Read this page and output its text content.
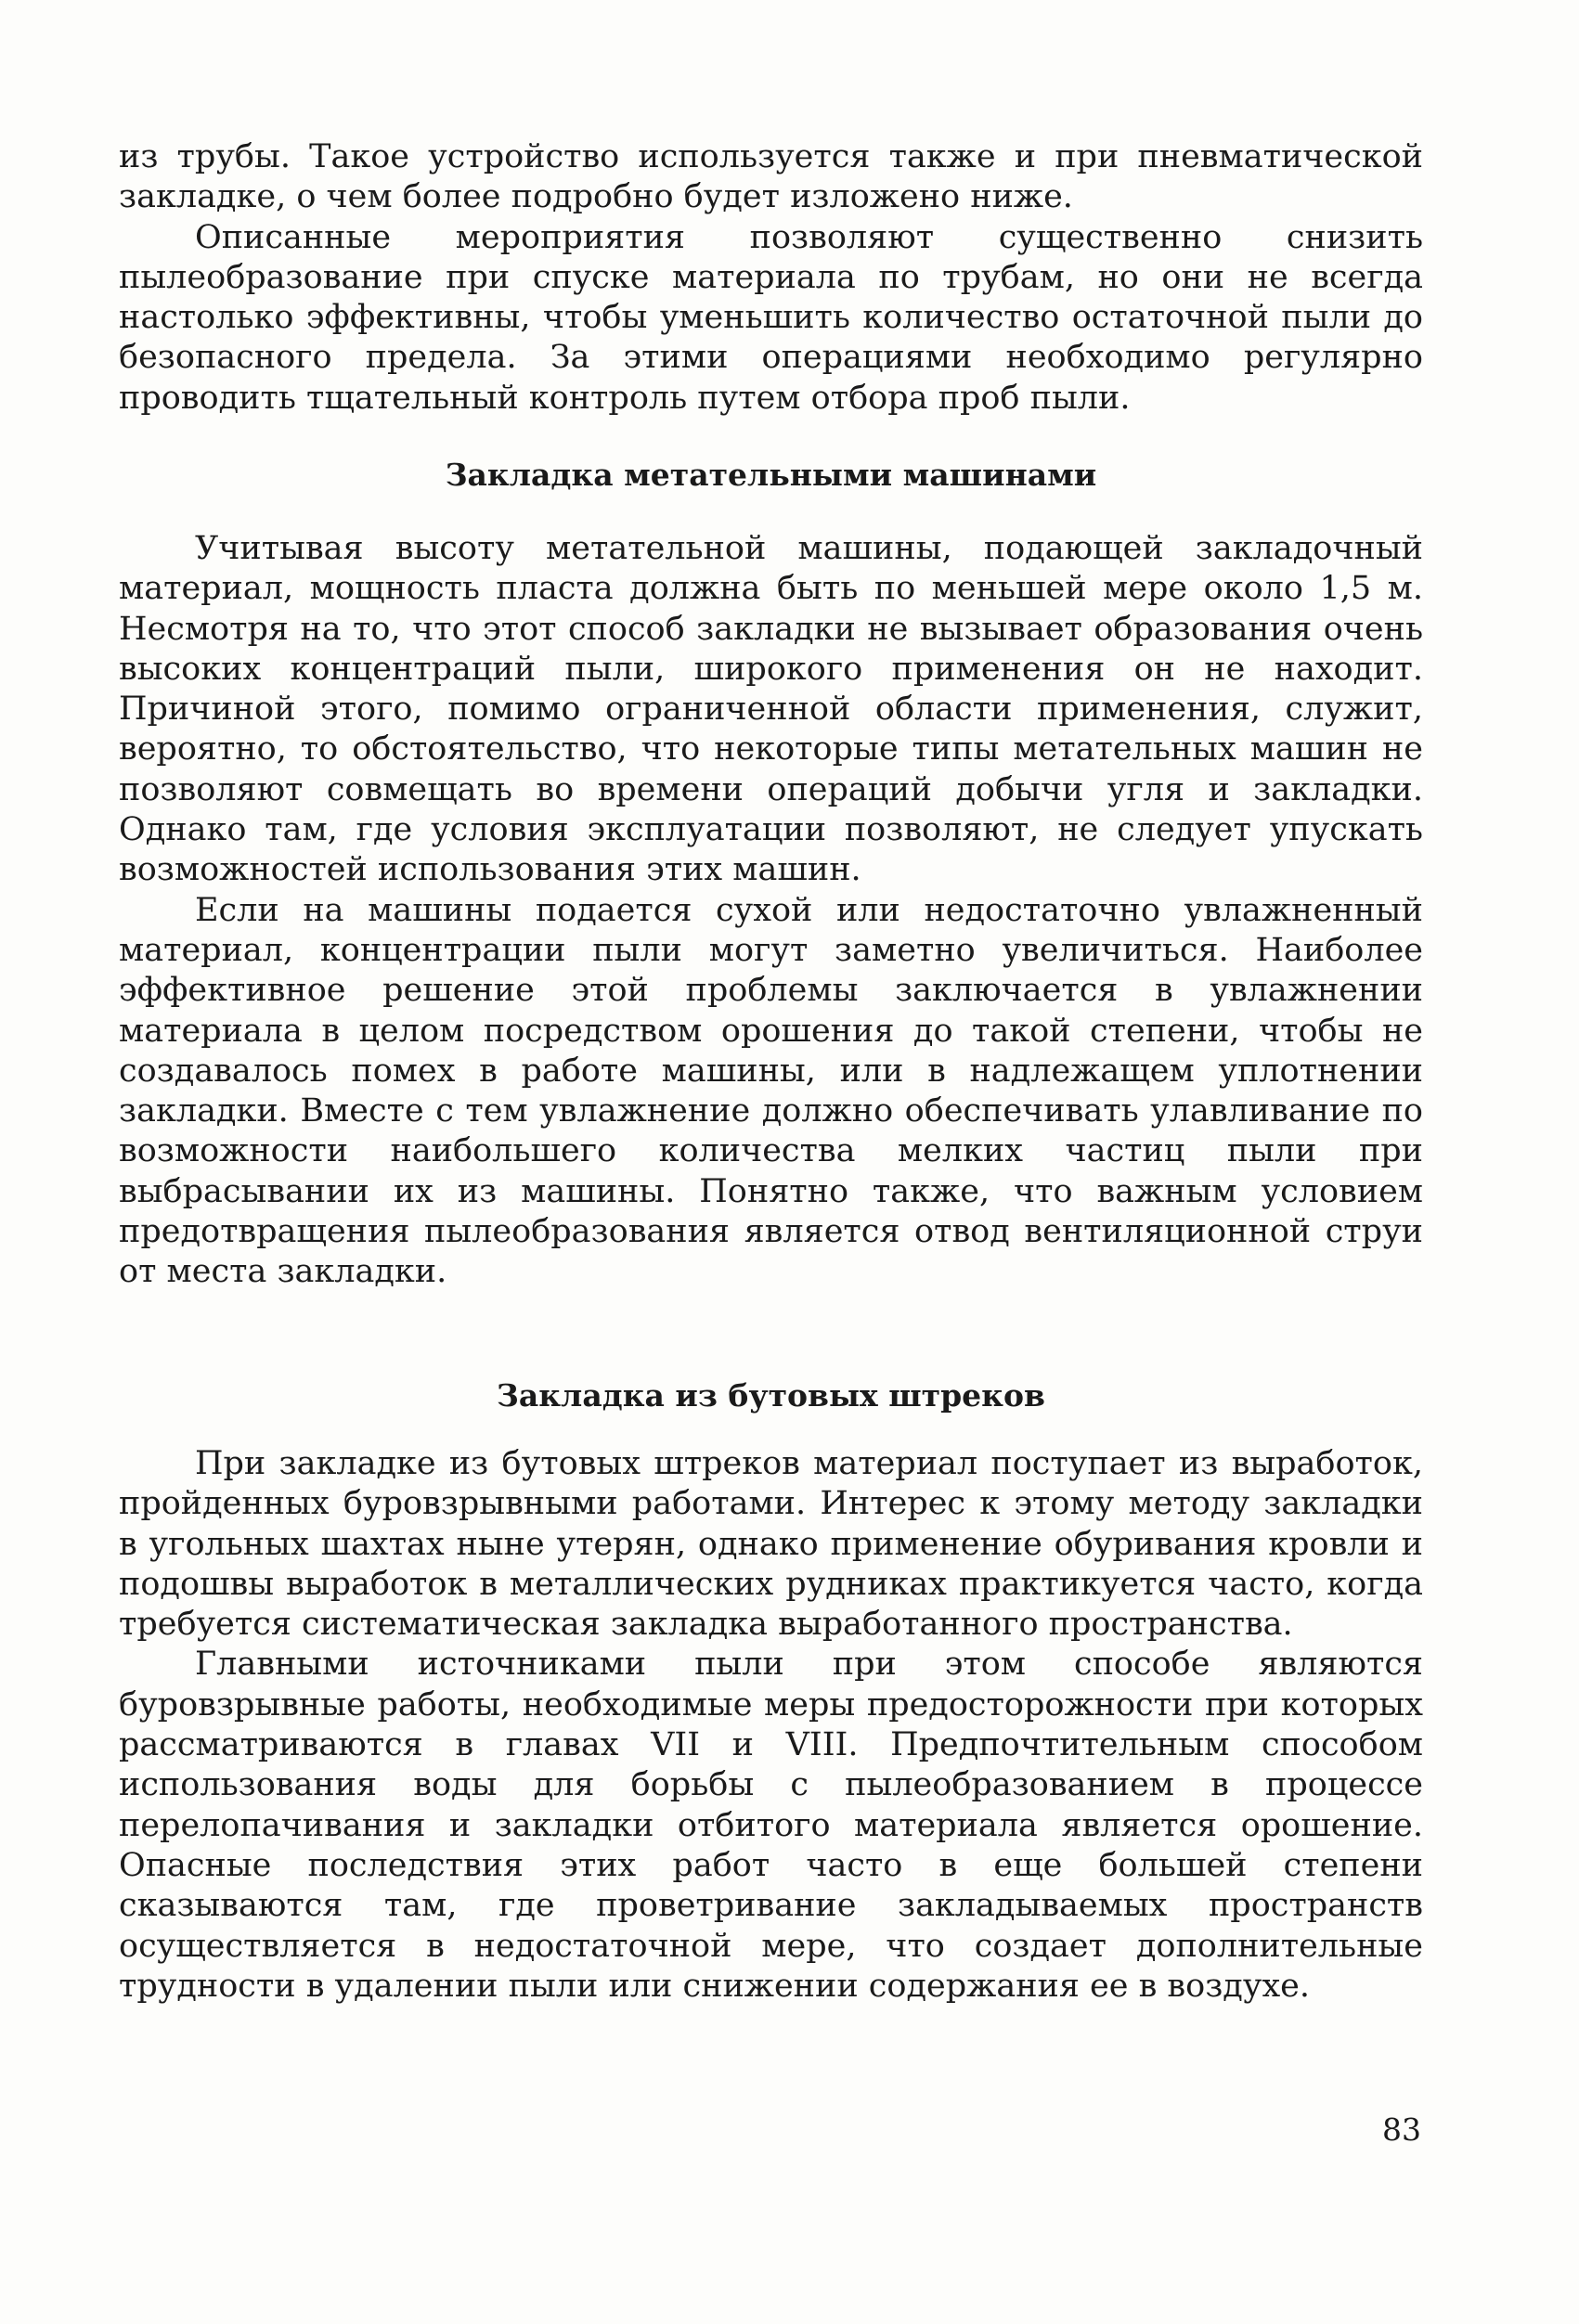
из трубы. Такое устройство используется также и при пневматической закладке, о чем более подробно будет изложено ниже.

Описанные мероприятия позволяют существенно снизить пылеобразование при спуске материала по трубам, но они не всегда настолько эффективны, чтобы уменьшить количество остаточной пыли до безопасного предела. За этими операциями необходимо регулярно проводить тщательный контроль путем отбора проб пыли.

Закладка метательными машинами

Учитывая высоту метательной машины, подающей закладочный материал, мощность пласта должна быть по меньшей мере около 1,5 м. Несмотря на то, что этот способ закладки не вызывает образования очень высоких концентраций пыли, широкого применения он не находит. Причиной этого, помимо ограниченной области применения, служит, вероятно, то обстоятельство, что некоторые типы метательных машин не позволяют совмещать во времени операций добычи угля и закладки. Однако там, где условия эксплуатации позволяют, не следует упускать возможностей использования этих машин.

Если на машины подается сухой или недостаточно увлажненный материал, концентрации пыли могут заметно увеличиться. Наиболее эффективное решение этой проблемы заключается в увлажнении материала в целом посредством орошения до такой степени, чтобы не создавалось помех в работе машины, или в надлежащем уплотнении закладки. Вместе с тем увлажнение должно обеспечивать улавливание по возможности наибольшего количества мелких частиц пыли при выбрасывании их из машины. Понятно также, что важным условием предотвращения пылеобразования является отвод вентиляционной струи от места закладки.

Закладка из бутовых штреков

При закладке из бутовых штреков материал поступает из выработок, пройденных буровзрывными работами. Интерес к этому методу закладки в угольных шахтах ныне утерян, однако применение обуривания кровли и подошвы выработок в металлических рудниках практикуется часто, когда требуется систематическая закладка выработанного пространства.

Главными источниками пыли при этом способе являются буровзрывные работы, необходимые меры предосторожности при которых рассматриваются в главах VII и VIII. Предпочтительным способом использования воды для борьбы с пылеобразованием в процессе перелопачивания и закладки отбитого материала является орошение. Опасные последствия этих работ часто в еще большей степени сказываются там, где проветривание закладываемых пространств осуществляется в недостаточной мере, что создает дополнительные трудности в удалении пыли или снижении содержания ее в воздухе.

83
